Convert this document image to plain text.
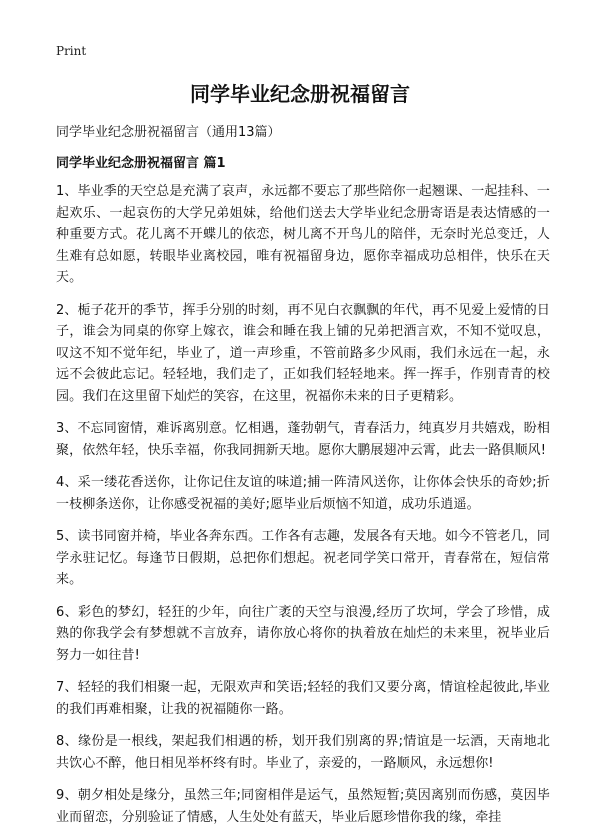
Print
同学毕业纪念册祝福留言
同学毕业纪念册祝福留言（通用13篇）
同学毕业纪念册祝福留言 篇1

1、毕业季的天空总是充满了哀声，永远都不要忘了那些陪你一起翘课、一起挂科、一起欢乐、一起哀伤的大学兄弟姐妹，给他们送去大学毕业纪念册寄语是表达情感的一种重要方式。花儿离不开蝶儿的依恋，树儿离不开鸟儿的陪伴，无奈时光总变迁，人生难有总如愿，转眼毕业离校园，唯有祝福留身边，愿你幸福成功总相伴，快乐在天天。

2、栀子花开的季节，挥手分别的时刻，再不见白衣飘飘的年代，再不见爱上爱情的日子，谁会为同桌的你穿上嫁衣，谁会和睡在我上铺的兄弟把酒言欢，不知不觉叹息，叹这不知不觉年纪，毕业了，道一声珍重，不管前路多少风雨，我们永远在一起，永远不会彼此忘记。轻轻地，我们走了，正如我们轻轻地来。挥一挥手，作别青青的校园。我们在这里留下灿烂的笑容，在这里，祝福你未来的日子更精彩。

3、不忘同窗情，难诉离别意。忆相遇，蓬勃朝气，青春活力，纯真岁月共嬉戏，盼相聚，依然年轻，快乐幸福，你我同拥新天地。愿你大鹏展翅冲云霄，此去一路俱顺风!

4、采一缕花香送你，让你记住友谊的味道;捕一阵清风送你，让你体会快乐的奇妙;折一枝柳条送你，让你感受祝福的美好;愿毕业后烦恼不知道，成功乐逍遥。

5、读书同窗并椅，毕业各奔东西。工作各有志趣，发展各有天地。如今不管老几，同学永驻记忆。每逢节日假期，总把你们想起。祝老同学笑口常开，青春常在，短信常来。

6、彩色的梦幻，轻狂的少年，向往广袤的天空与浪漫,经历了坎坷，学会了珍惜，成熟的你我学会有梦想就不言放弃，请你放心将你的执着放在灿烂的未来里，祝毕业后努力一如往昔!

7、轻轻的我们相聚一起，无限欢声和笑语;轻轻的我们又要分离，情谊栓起彼此,毕业的我们再难相聚，让我的祝福随你一路。

8、缘份是一根线，架起我们相遇的桥，划开我们别离的界;情谊是一坛酒，天南地北共饮心不醉，他日相见举杯终有时。毕业了，亲爱的，一路顺风，永远想你!

9、朝夕相处是缘分，虽然三年;同窗相伴是运气，虽然短暂;莫因离别而伤感，莫因毕业而留恋，分别验证了情感，人生处处有蓝天，毕业后愿珍惜你我的缘，牵挂
